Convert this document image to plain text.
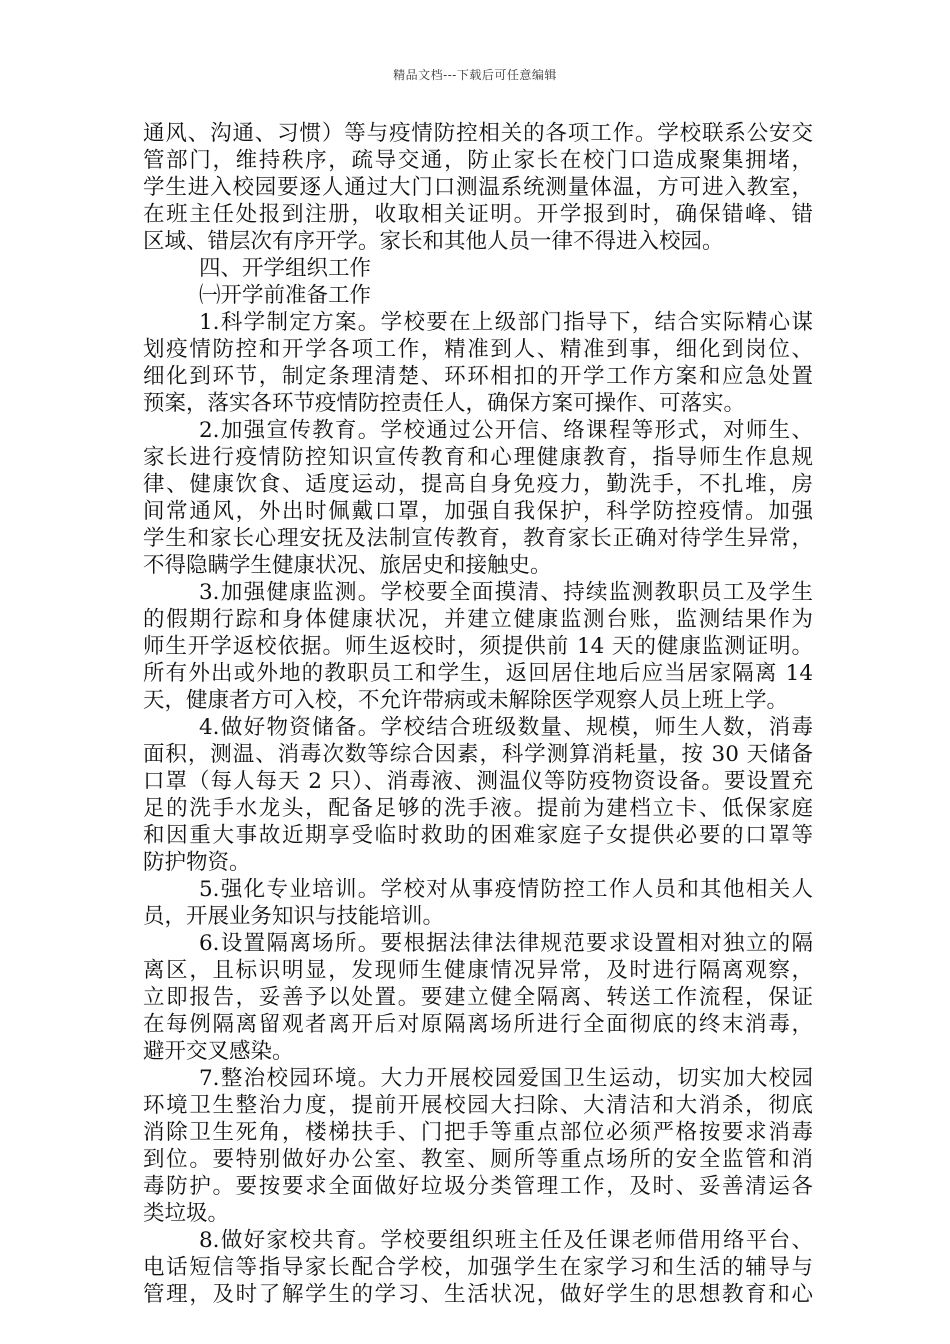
精品文档---下载后可任意编辑
通风、沟通、习惯）等与疫情防控相关的各项工作。学校联系公安交
管部门，维持秩序，疏导交通，防止家长在校门口造成聚集拥堵，
学生进入校园要逐人通过大门口测温系统测量体温，方可进入教室，
在班主任处报到注册，收取相关证明。开学报到时，确保错峰、错
区域、错层次有序开学。家长和其他人员一律不得进入校园。
四、开学组织工作
㈠开学前准备工作
1.科学制定方案。学校要在上级部门指导下，结合实际精心谋
划疫情防控和开学各项工作，精准到人、精准到事，细化到岗位、
细化到环节，制定条理清楚、环环相扣的开学工作方案和应急处置
预案，落实各环节疫情防控责任人，确保方案可操作、可落实。
2.加强宣传教育。学校通过公开信、络课程等形式，对师生、
家长进行疫情防控知识宣传教育和心理健康教育，指导师生作息规
律、健康饮食、适度运动，提高自身免疫力，勤洗手，不扎堆，房
间常通风，外出时佩戴口罩，加强自我保护，科学防控疫情。加强
学生和家长心理安抚及法制宣传教育，教育家长正确对待学生异常，
不得隐瞒学生健康状况、旅居史和接触史。
3.加强健康监测。学校要全面摸清、持续监测教职员工及学生
的假期行踪和身体健康状况，并建立健康监测台账，监测结果作为
师生开学返校依据。师生返校时，须提供前 14 天的健康监测证明。
所有外出或外地的教职员工和学生，返回居住地后应当居家隔离 14
天，健康者方可入校，不允许带病或未解除医学观察人员上班上学。
4.做好物资储备。学校结合班级数量、规模，师生人数，消毒
面积，测温、消毒次数等综合因素，科学测算消耗量，按 30 天储备
口罩（每人每天 2 只）、消毒液、测温仪等防疫物资设备。要设置充
足的洗手水龙头，配备足够的洗手液。提前为建档立卡、低保家庭
和因重大事故近期享受临时救助的困难家庭子女提供必要的口罩等
防护物资。
5.强化专业培训。学校对从事疫情防控工作人员和其他相关人
员，开展业务知识与技能培训。
6.设置隔离场所。要根据法律法律规范要求设置相对独立的隔
离区，且标识明显，发现师生健康情况异常，及时进行隔离观察，
立即报告，妥善予以处置。要建立健全隔离、转送工作流程，保证
在每例隔离留观者离开后对原隔离场所进行全面彻底的终末消毒，
避开交叉感染。
7.整治校园环境。大力开展校园爱国卫生运动，切实加大校园
环境卫生整治力度，提前开展校园大扫除、大清洁和大消杀，彻底
消除卫生死角，楼梯扶手、门把手等重点部位必须严格按要求消毒
到位。要特别做好办公室、教室、厕所等重点场所的安全监管和消
毒防护。要按要求全面做好垃圾分类管理工作，及时、妥善清运各
类垃圾。
8.做好家校共育。学校要组织班主任及任课老师借用络平台、
电话短信等指导家长配合学校，加强学生在家学习和生活的辅导与
管理，及时了解学生的学习、生活状况，做好学生的思想教育和心
